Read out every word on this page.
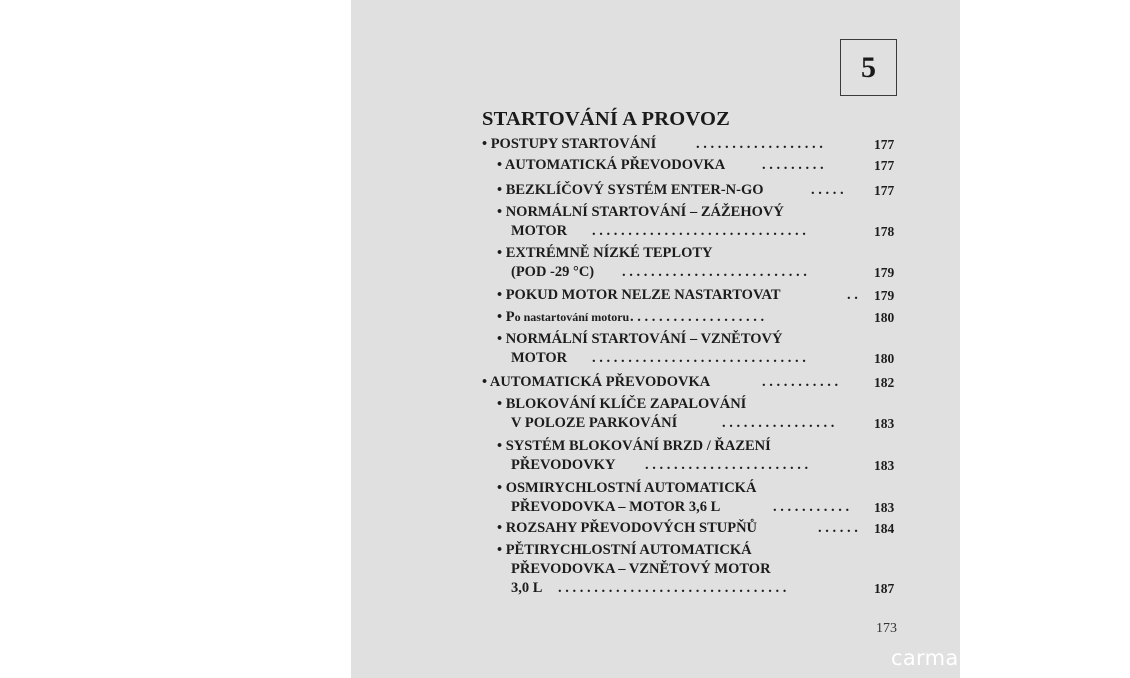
5
STARTOVÁNÍ A PROVOZ
• POSTUPY STARTOVÁNÍ	. . . . . . . . . . . . . . . . . .	177
• AUTOMATICKÁ PŘEVODOVKA	. . . . . . . . .	177
• BEZKLÍČOVÝ SYSTÉM ENTER-N-GO	. . . . . 177
• NORMÁLNÍ STARTOVÁNÍ – ZÁŽEHOVÝ
MOTOR . . . . . . . . . . . . . . . . . . . . . . . . . . . . . .	178
• EXTRÉMNĚ NÍZKÉ TEPLOTY
(POD -29 °C) . . . . . . . . . . . . . . . . . . . . . . . . . .	179
• POKUD MOTOR NELZE NASTARTOVAT	. . 179
• Po nastartování motoru . . . . . . . . . . . . . . . . . . .	180
• NORMÁLNÍ STARTOVÁNÍ – VZNĚTOVÝ
MOTOR . . . . . . . . . . . . . . . . . . . . . . . . . . . . . .	180
• AUTOMATICKÁ PŘEVODOVKA	. . . . . . . . . . .	182
• BLOKOVÁNÍ KLÍČE ZAPALOVÁNÍ
V POLOZE PARKOVÁNÍ	. . . . . . . . . . . . . . . .	183
• SYSTÉM BLOKOVÁNÍ BRZD / ŘAZENÍ
PŘEVODOVKY . . . . . . . . . . . . . . . . . . . . . . .	183
• OSMIRYCHLOSTNÍ AUTOMATICKÁ
PŘEVODOVKA – MOTOR 3,6 L	. . . . . . . . . . . 183
• ROZSAHY PŘEVODOVÝCH STUPŇŮ	. . . . . . 184
• PĚTIRYCHLOSTNÍ AUTOMATICKÁ
PŘEVODOVKA – VZNĚTOVÝ MOTOR
3,0 L . . . . . . . . . . . . . . . . . . . . . . . . . . . . . . . .	187
173
carmanualsonline.info
